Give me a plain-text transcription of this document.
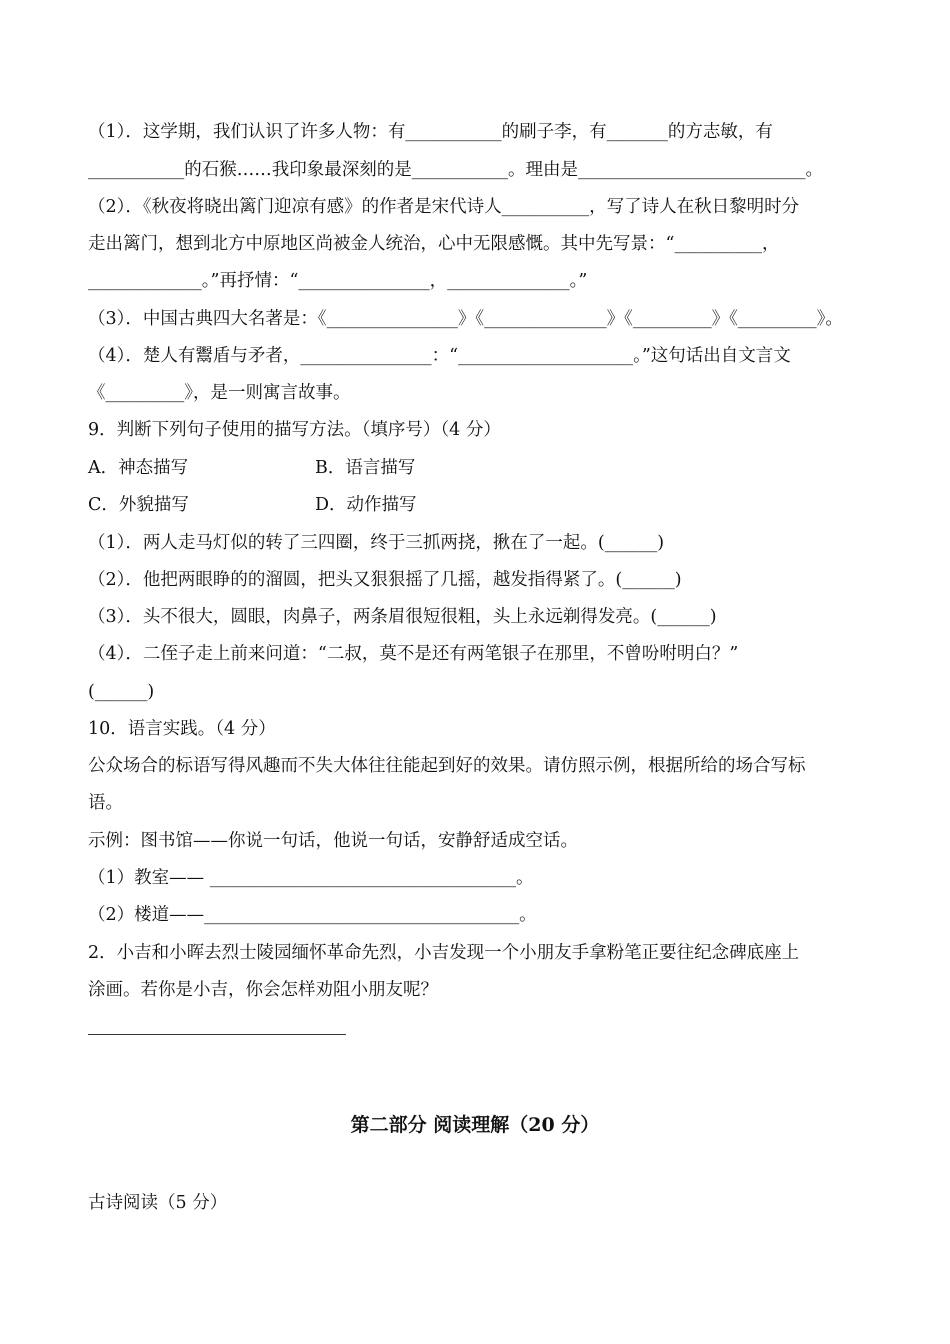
（1）．这学期，我们认识了许多人物：有___________的刷子李，有_______的方志敏，有
___________的石猴……我印象最深刻的是___________。理由是__________________________。
（2）．《秋夜将晓出篱门迎凉有感》的作者是宋代诗人__________，写了诗人在秋日黎明时分
走出篱门，想到北方中原地区尚被金人统治，心中无限感慨。其中先写景：“__________，
_____________。”再抒情：“_______________，______________。”
（3）．中国古典四大名著是：《_______________》《______________》《_________》《_________》。
（4）．楚人有鬻盾与矛者，_______________：“____________________。”这句话出自文言文
《_________》，是一则寓言故事。
9．判断下列句子使用的描写方法。（填序号）（4 分）
A．神态描写	B．语言描写
C．外貌描写	D．动作描写
（1）．两人走马灯似的转了三四圈，终于三抓两挠，揪在了一起。(______)
（2）．他把两眼睁的的溜圆，把头又狠狠摇了几摇，越发指得紧了。(______)
（3）．头不很大，圆眼，肉鼻子，两条眉很短很粗，头上永远剃得发亮。(______)
（4）．二侄子走上前来问道：“二叔，莫不是还有两笔银子在那里，不曾吩咐明白？”
(______)
10．语言实践。（4 分）
公众场合的标语写得风趣而不失大体往往能起到好的效果。请仿照示例，根据所给的场合写标
语。
示例：图书馆——你说一句话，他说一句话，安静舒适成空话。
（1）教室—— ___________________________________。
（2）楼道——____________________________________。
2．小吉和小晖去烈士陵园缅怀革命先烈，小吉发现一个小朋友手拿粉笔正要往纪念碑底座上
涂画。若你是小吉，你会怎样劝阻小朋友呢？
第二部分 阅读理解（20 分）
古诗阅读（5 分）
